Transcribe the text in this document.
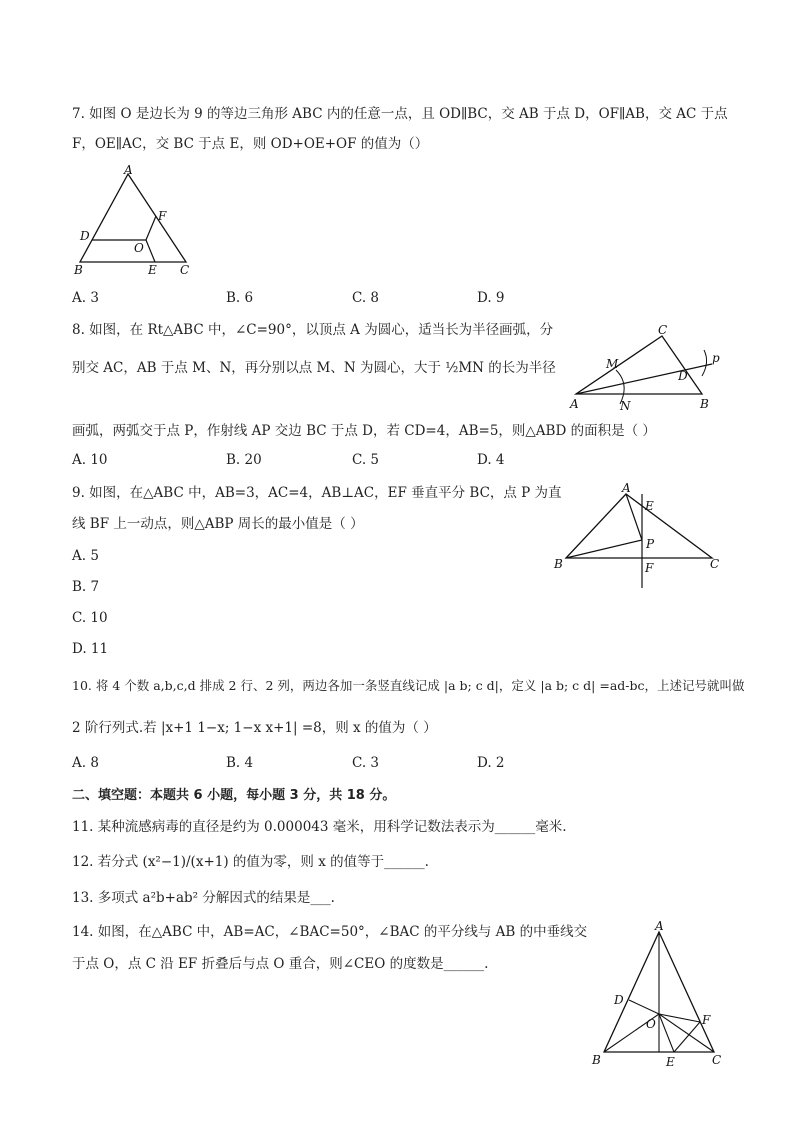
7. 如图 O 是边长为 9 的等边三角形 ABC 内的任意一点，且 OD∥BC，交 AB 于点 D，OF∥AB，交 AC 于点
F，OE∥AC，交 BC 于点 E，则 OD+OE+OF 的值为（）
A
B	C
D
E
F
O
A. 3	B. 6	C. 8	D. 9
8. 如图，在 Rt△ABC 中，∠C=90°，以顶点 A 为圆心，适当长为半径画弧，分
别交 AC，AB 于点 M、N，再分别以点 M、N 为圆心，大于 ½MN 的长为半径
A	B
C
D
M
N
p
画弧，两弧交于点 P，作射线 AP 交边 BC 于点 D，若 CD=4，AB=5，则△ABD 的面积是（ ）
A. 10	B. 20	C. 5	D. 4
9. 如图，在△ABC 中，AB=3，AC=4，AB⊥AC，EF 垂直平分 BC，点 P 为直
线 BF 上一动点，则△ABP 周长的最小值是（ ）
A
B	C
E
F
P
A. 5
B. 7
C. 10
D. 11
10. 将 4 个数 a,b,c,d 排成 2 行、2 列，两边各加一条竖直线记成 |a b; c d|，定义 |a b; c d| =ad-bc，上述记号就叫做
2 阶行列式.若 |x+1 1−x; 1−x x+1| =8，则 x 的值为（ ）
A. 8	B. 4	C. 3	D. 2
二、填空题：本题共 6 小题，每小题 3 分，共 18 分。
11. 某种流感病毒的直径是约为 0.000043 毫米，用科学记数法表示为______毫米.
12. 若分式 (x²−1)/(x+1) 的值为零，则 x 的值等于______.
13. 多项式 a²b+ab² 分解因式的结果是___.
14. 如图，在△ABC 中，AB=AC，∠BAC=50°，∠BAC 的平分线与 AB 的中垂线交
于点 O，点 C 沿 EF 折叠后与点 O 重合，则∠CEO 的度数是______.
A
B	C
D
E
F
O
